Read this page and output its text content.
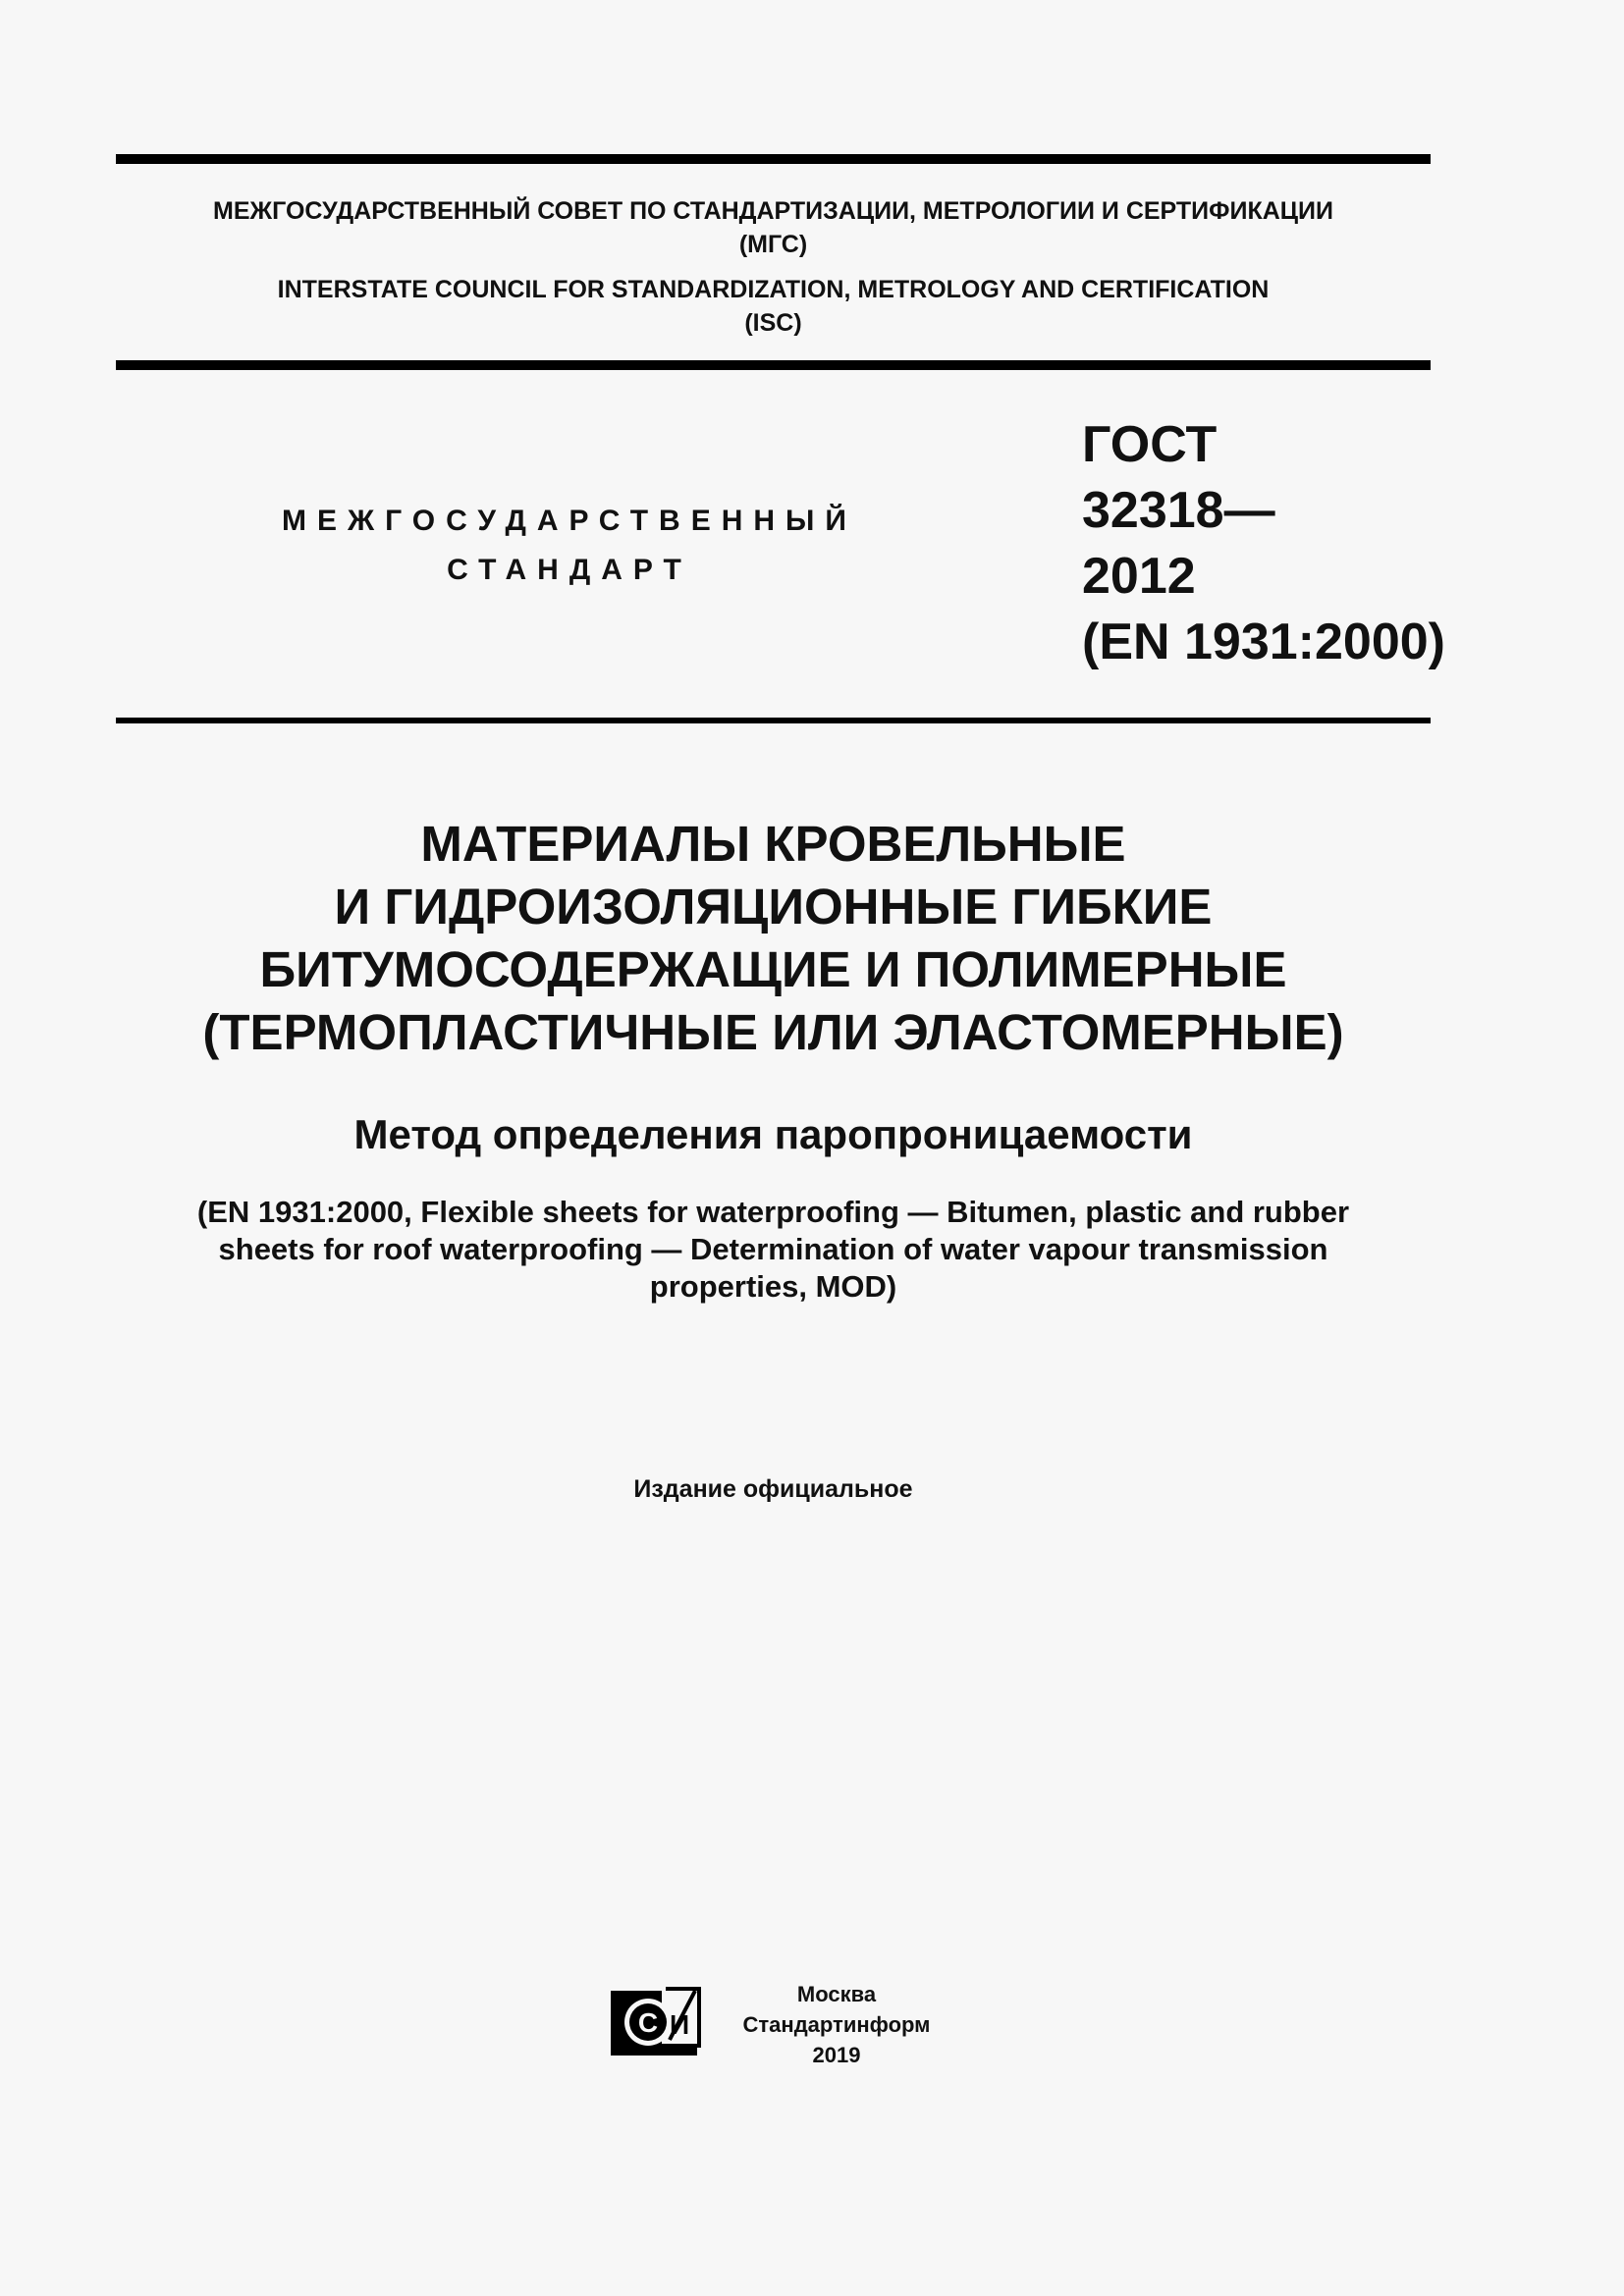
МЕЖГОСУДАРСТВЕННЫЙ СОВЕТ ПО СТАНДАРТИЗАЦИИ, МЕТРОЛОГИИ И СЕРТИФИКАЦИИ
(МГС)
INTERSTATE COUNCIL FOR STANDARDIZATION, METROLOGY AND CERTIFICATION
(ISC)
МЕЖГОСУДАРСТВЕННЫЙ
СТАНДАРТ
ГОСТ
32318—
2012
(EN 1931:2000)
МАТЕРИАЛЫ КРОВЕЛЬНЫЕ
И ГИДРОИЗОЛЯЦИОННЫЕ ГИБКИЕ
БИТУМОСОДЕРЖАЩИЕ И ПОЛИМЕРНЫЕ
(ТЕРМОПЛАСТИЧНЫЕ ИЛИ ЭЛАСТОМЕРНЫЕ)
Метод определения паропроницаемости
(EN 1931:2000, Flexible sheets for waterproofing — Bitumen, plastic and rubber
sheets for roof waterproofing — Determination of water vapour transmission
properties, MOD)
Издание официальное
С И
Москва
Стандартинформ
2019
